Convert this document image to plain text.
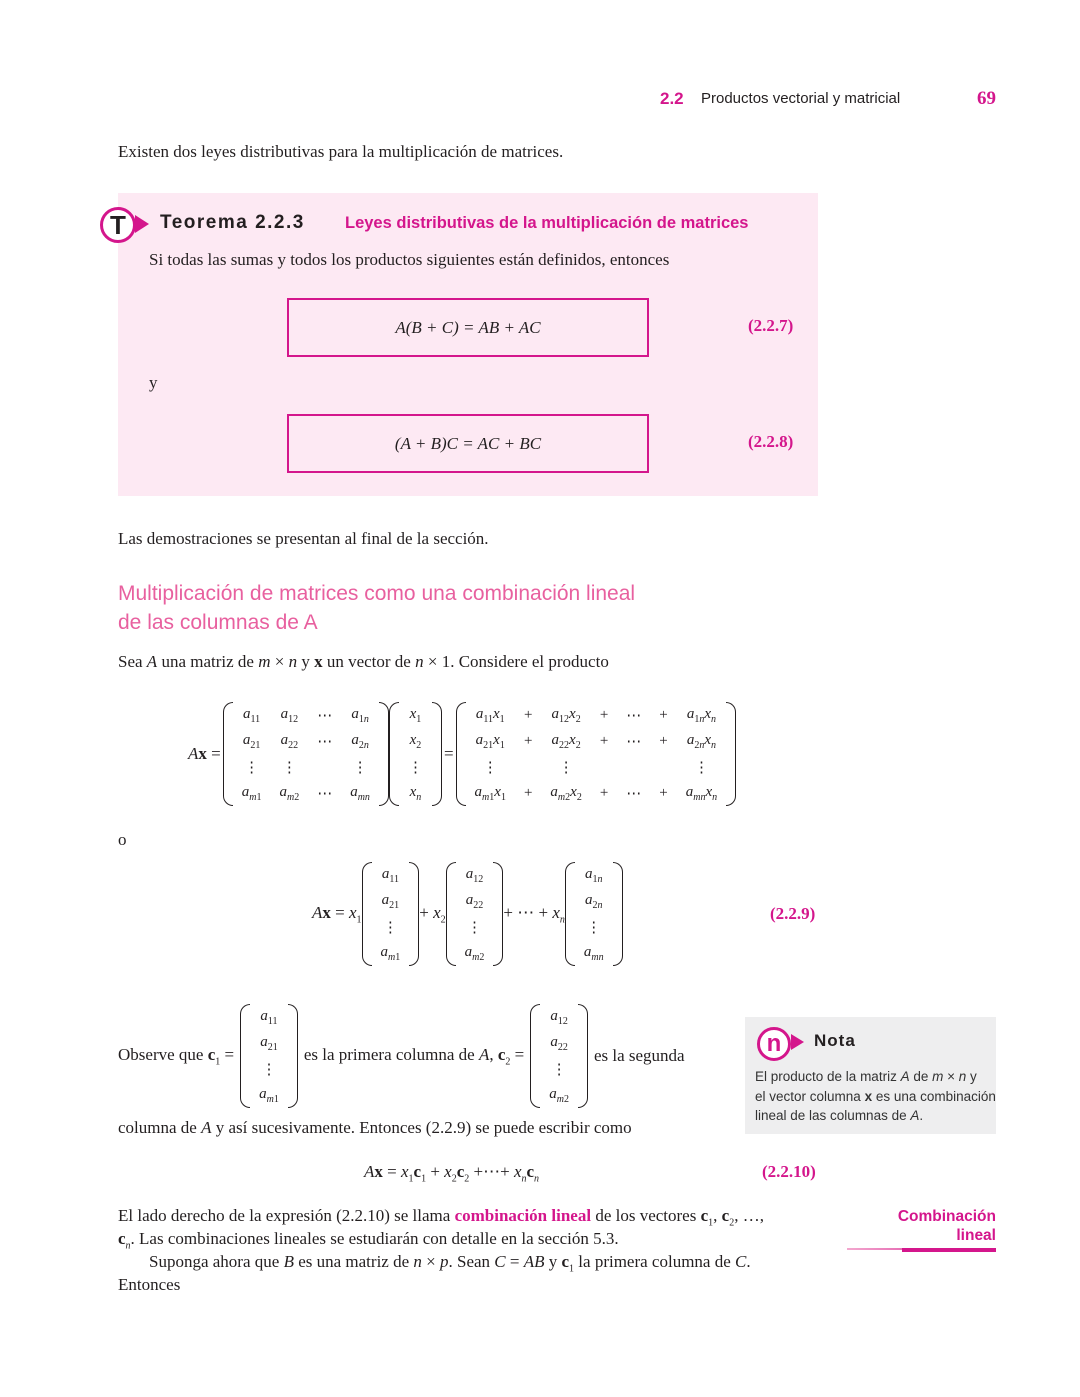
2.2 Productos vectorial y matricial	69
Existen dos leyes distributivas para la multiplicación de matrices.
T	Teorema 2.2.3 Leyes distributivas de la multiplicación de matrices
Si todas las sumas y todos los productos siguientes están definidos, entonces
A(B + C) = AB + AC	(2.2.7)
y
(A + B)C = AC + BC	(2.2.8)
Las demostraciones se presentan al final de la sección.
Multiplicación de matrices como una combinación lineal
de las columnas de A
Sea A una matriz de m × n y x un vector de n × 1. Considere el producto
Ax =
$a_{11}$	$a_{12}$	⋯	$a_{1n}$
$a_{21}$	$a_{22}$	⋯	$a_{2n}$
⋮	⋮		⋮
$a_{m1}$	$a_{m2}$	⋯	$a_{mn}$
$x_1$
$x_2$
⋮
$x_n$
=
$a_{11}x_1$	+	$a_{12}x_2$	+	⋯	+	$a_{1n}x_n$
$a_{21}x_1$	+	$a_{22}x_2$	+	⋯	+	$a_{2n}x_n$
⋮		⋮				⋮
$a_{m1}x_1$	+	$a_{m2}x_2$	+	⋯	+	$a_{mn}x_n$
o
$Ax = x_1$
$a_{11}$
$a_{21}$
⋮
$a_{m1}$
+ $x_2$
$a_{12}$
$a_{22}$
⋮
$a_{m2}$
+ ⋯ + $x_n$
$a_{1n}$
$a_{2n}$
⋮
$a_{mn}$
(2.2.9)
Observe que $c_1$ =
$a_{11}$
$a_{21}$
⋮
$a_{m1}$
es la primera columna de A, $c_2$ =
$a_{12}$
$a_{22}$
⋮
$a_{m2}$
es la segunda
columna de A y así sucesivamente. Entonces (2.2.9) se puede escribir como
$Ax = x_1c_1 + x_2c_2$ +⋯+ $x_nc_n$	(2.2.10)
n	Nota
El producto de la matriz A de m × n y
el vector columna x es una combinación
lineal de las columnas de A.
El lado derecho de la expresión (2.2.10) se llama combinación lineal de los vectores $c_1$, $c_2$, …,
$c_n$. Las combinaciones lineales se estudiarán con detalle en la sección 5.3.
Suponga ahora que B es una matriz de n × p. Sean C = AB y $c_1$ la primera columna de C.
Entonces
Combinación
lineal
